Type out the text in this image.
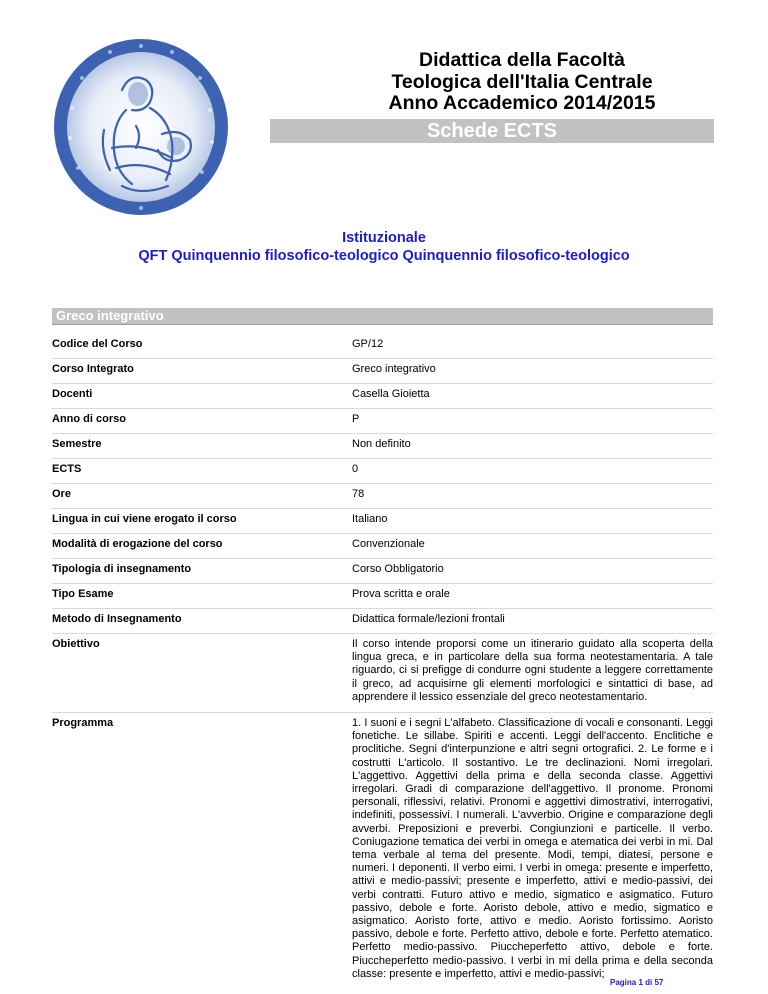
Didattica della Facoltà
Teologica dell'Italia Centrale
Anno Accademico 2014/2015
Schede ECTS
Istituzionale
QFT Quinquennio filosofico-teologico Quinquennio filosofico-teologico
Greco integrativo
Codice del Corso	GP/12
Corso Integrato	Greco integrativo
Docenti	Casella Gioietta
Anno di corso	P
Semestre	Non definito
ECTS	0
Ore	78
Lingua in cui viene erogato il corso	Italiano
Modalità di erogazione del corso	Convenzionale
Tipologia di insegnamento	Corso Obbligatorio
Tipo Esame	Prova scritta e orale
Metodo di Insegnamento	Didattica formale/lezioni frontali
Obiettivo	Il corso intende proporsi come un itinerario guidato alla scoperta della lingua greca, e in particolare della sua forma neotestamentaria. A tale riguardo, ci si prefigge di condurre ogni studente a leggere correttamente il greco, ad acquisirne gli elementi morfologici e sintattici di base, ad apprendere il lessico essenziale del greco neotestamentario.
Programma	1. I suoni e i segni L'alfabeto. Classificazione di vocali e consonanti. Leggi fonetiche. Le sillabe. Spiriti e accenti. Leggi dell'accento. Enclitiche e proclitiche. Segni d'interpunzione e altri segni ortografici. 2. Le forme e i costrutti L'articolo. Il sostantivo. Le tre declinazioni. Nomi irregolari. L'aggettivo. Aggettivi della prima e della seconda classe. Aggettivi irregolari. Gradi di comparazione dell'aggettivo. Il pronome. Pronomi personali, riflessivi, relativi. Pronomi e aggettivi dimostrativi, interrogativi, indefiniti, possessivi. I numerali. L'avverbio. Origine e comparazione degli avverbi. Preposizioni e preverbi. Congiunzioni e particelle. Il verbo. Coniugazione tematica dei verbi in omega e atematica dei verbi in mi. Dal tema verbale al tema del presente. Modi, tempi, diatesi, persone e numeri. I deponenti. Il verbo eimi. I verbi in omega: presente e imperfetto, attivi e medio-passivi; presente e imperfetto, attivi e medio-passivi, dei verbi contratti. Futuro attivo e medio, sigmatico e asigmatico. Futuro passivo, debole e forte. Aoristo debole, attivo e medio, sigmatico e asigmatico. Aoristo forte, attivo e medio. Aoristo fortissimo. Aoristo passivo, debole e forte. Perfetto attivo, debole e forte. Perfetto atematico. Perfetto medio-passivo. Piuccheperfetto attivo, debole e forte. Piuccheperfetto medio-passivo. I verbi in mi della prima e della seconda classe: presente e imperfetto, attivi e medio-passivi;
Pagina 1 di 57
